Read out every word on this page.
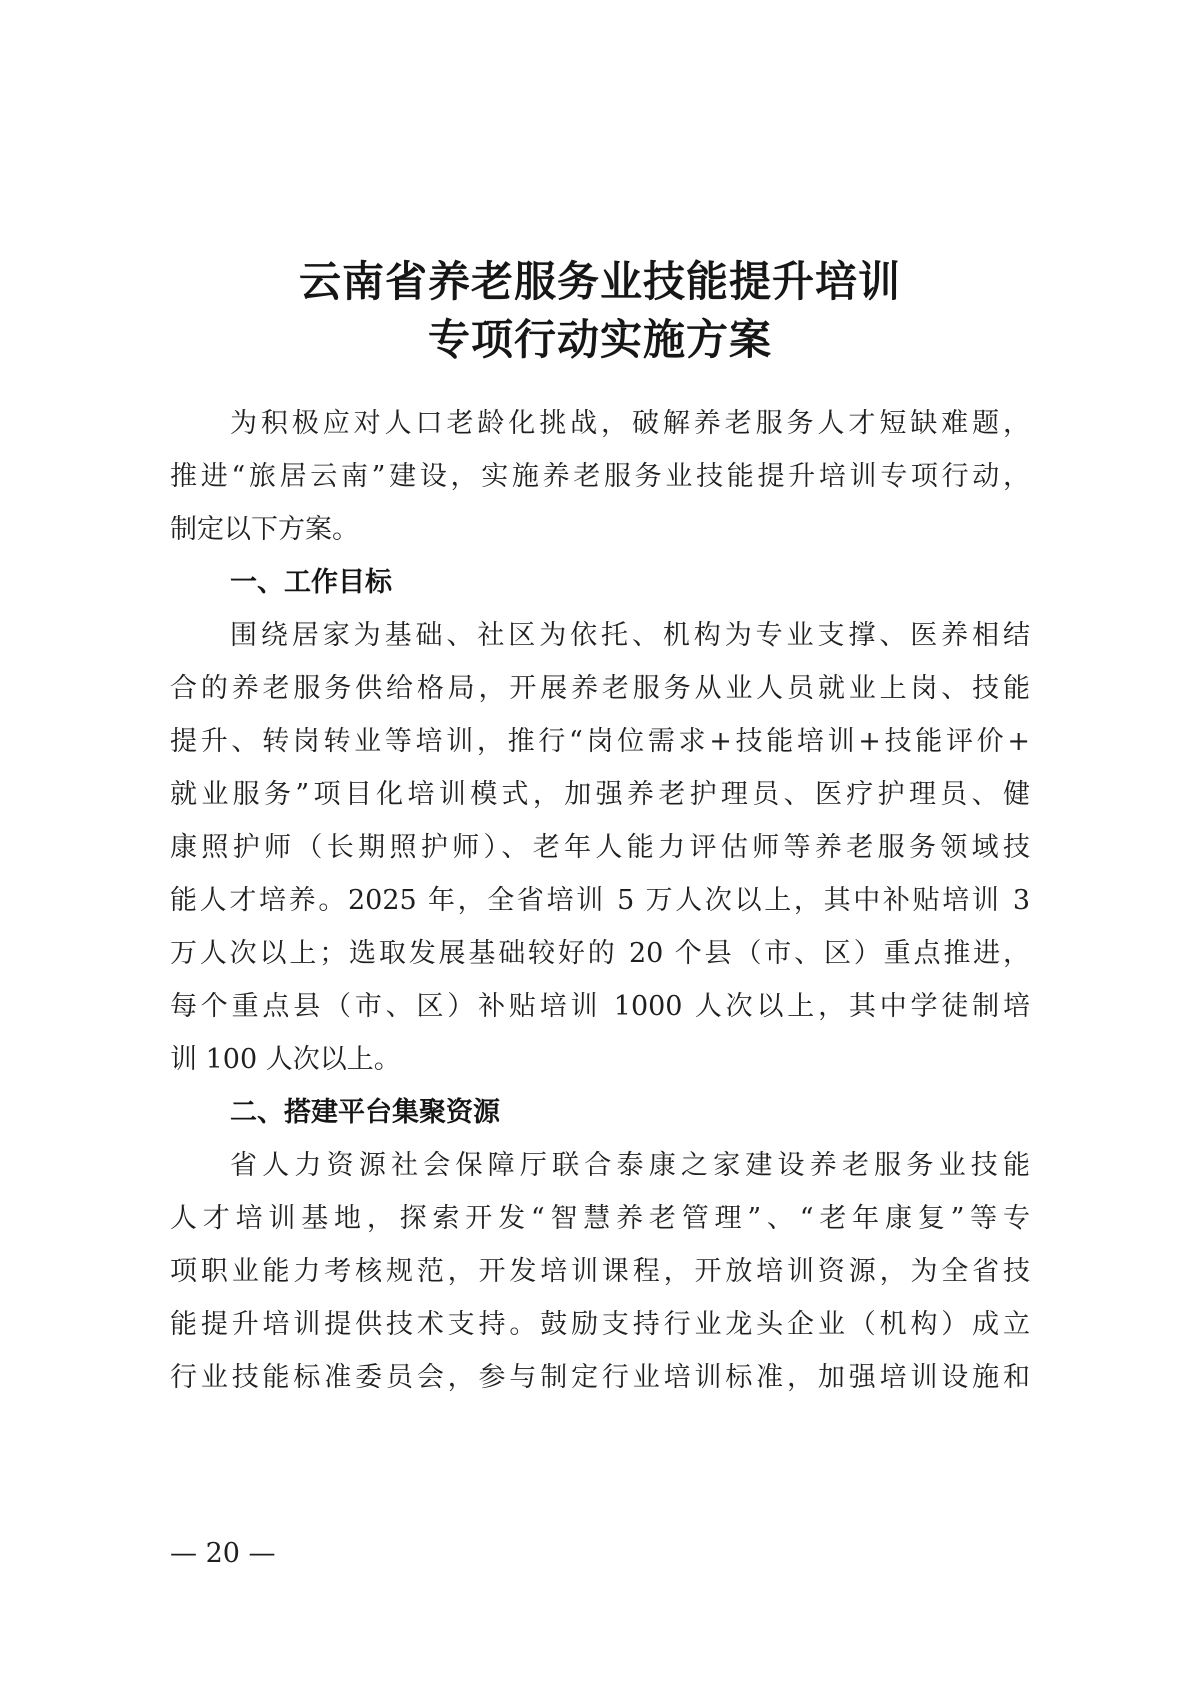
云南省养老服务业技能提升培训
专项行动实施方案
为积极应对人口老龄化挑战，破解养老服务人才短缺难题，
推进“旅居云南”建设，实施养老服务业技能提升培训专项行动，
制定以下方案。
一、工作目标
围绕居家为基础、社区为依托、机构为专业支撑、医养相结
合的养老服务供给格局，开展养老服务从业人员就业上岗、技能
提升、转岗转业等培训，推行“岗位需求+技能培训+技能评价+
就业服务”项目化培训模式，加强养老护理员、医疗护理员、健
康照护师（长期照护师）、老年人能力评估师等养老服务领域技
能人才培养。2025 年，全省培训 5 万人次以上，其中补贴培训 3
万人次以上；选取发展基础较好的 20 个县（市、区）重点推进，
每个重点县（市、区）补贴培训 1000 人次以上，其中学徒制培
训 100 人次以上。
二、搭建平台集聚资源
省人力资源社会保障厅联合泰康之家建设养老服务业技能
人才培训基地，探索开发“智慧养老管理”、“老年康复”等专
项职业能力考核规范，开发培训课程，开放培训资源，为全省技
能提升培训提供技术支持。鼓励支持行业龙头企业（机构）成立
行业技能标准委员会，参与制定行业培训标准，加强培训设施和
— 20 —
